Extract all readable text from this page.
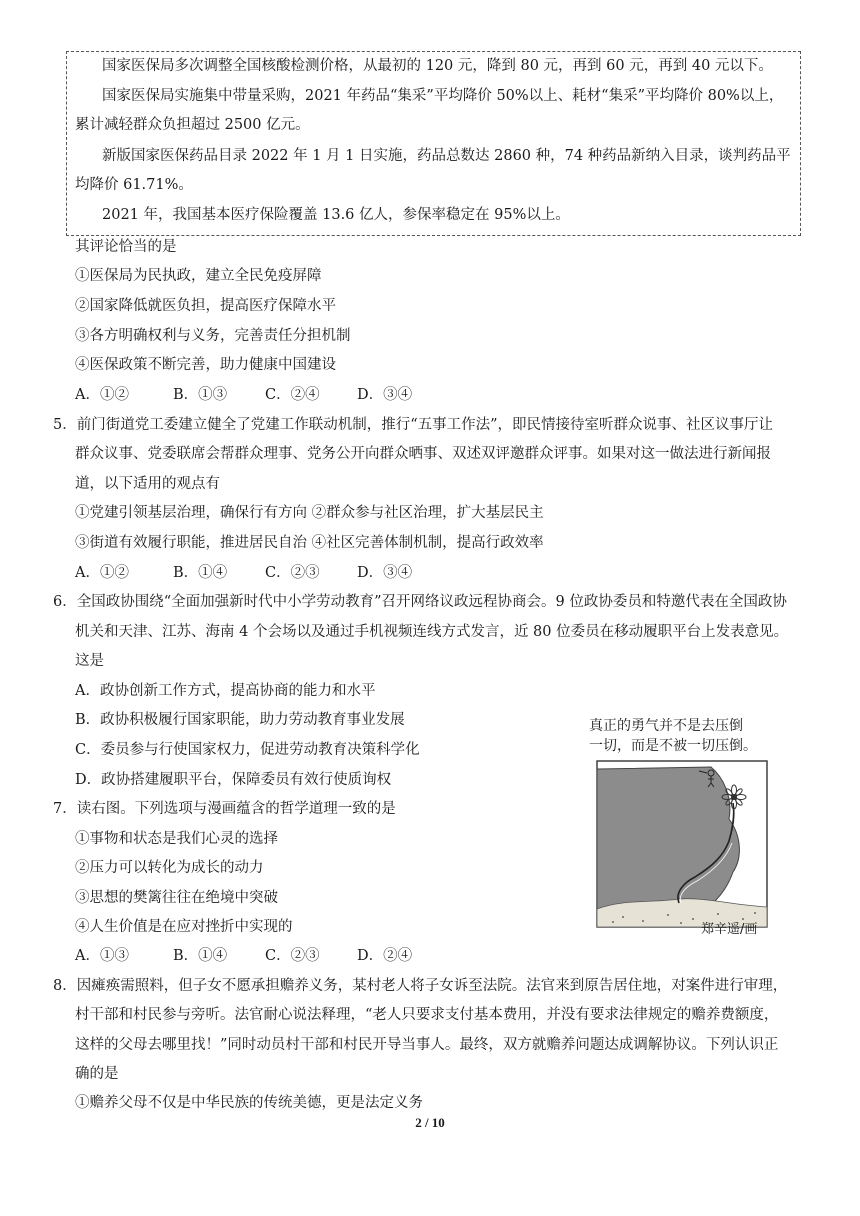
国家医保局多次调整全国核酸检测价格，从最初的 120 元，降到 80 元，再到 60 元，再到 40 元以下。
国家医保局实施集中带量采购，2021 年药品“集采”平均降价 50%以上、耗材“集采”平均降价 80%以上，
累计减轻群众负担超过 2500 亿元。
新版国家医保药品目录 2022 年 1 月 1 日实施，药品总数达 2860 种，74 种药品新纳入目录，谈判药品平
均降价 61.71%。
2021 年，我国基本医疗保险覆盖 13.6 亿人，参保率稳定在 95%以上。
其评论恰当的是
①医保局为民执政，建立全民免疫屏障
②国家降低就医负担，提高医疗保障水平
③各方明确权利与义务，完善责任分担机制
④医保政策不断完善，助力健康中国建设
A．①②	B．①③	C．②④	D．③④
5．前门街道党工委建立健全了党建工作联动机制，推行“五事工作法”，即民情接待室听群众说事、社区议事厅让
群众议事、党委联席会帮群众理事、党务公开向群众晒事、双述双评邀群众评事。如果对这一做法进行新闻报
道，以下适用的观点有
①党建引领基层治理，确保行有方向 ②群众参与社区治理，扩大基层民主
③街道有效履行职能，推进居民自治 ④社区完善体制机制，提高行政效率
A．①②	B．①④	C．②③	D．③④
6．全国政协围绕“全面加强新时代中小学劳动教育”召开网络议政远程协商会。9 位政协委员和特邀代表在全国政协
机关和天津、江苏、海南 4 个会场以及通过手机视频连线方式发言，近 80 位委员在移动履职平台上发表意见。
这是
A．政协创新工作方式，提高协商的能力和水平
B．政协积极履行国家职能，助力劳动教育事业发展
C．委员参与行使国家权力，促进劳动教育决策科学化
D．政协搭建履职平台，保障委员有效行使质询权
7．读右图。下列选项与漫画蕴含的哲学道理一致的是
①事物和状态是我们心灵的选择
②压力可以转化为成长的动力
③思想的樊篱往往在绝境中突破
④人生价值是在应对挫折中实现的
A．①③	B．①④	C．②③	D．②④
真正的勇气并不是去压倒
一切，而是不被一切压倒。
郑辛遥/画
8．因瘫痪需照料，但子女不愿承担赡养义务，某村老人将子女诉至法院。法官来到原告居住地，对案件进行审理，
村干部和村民参与旁听。法官耐心说法释理，“老人只要求支付基本费用，并没有要求法律规定的赡养费额度，
这样的父母去哪里找！”同时动员村干部和村民开导当事人。最终，双方就赡养问题达成调解协议。下列认识正
确的是
①赡养父母不仅是中华民族的传统美德，更是法定义务
2 / 10
